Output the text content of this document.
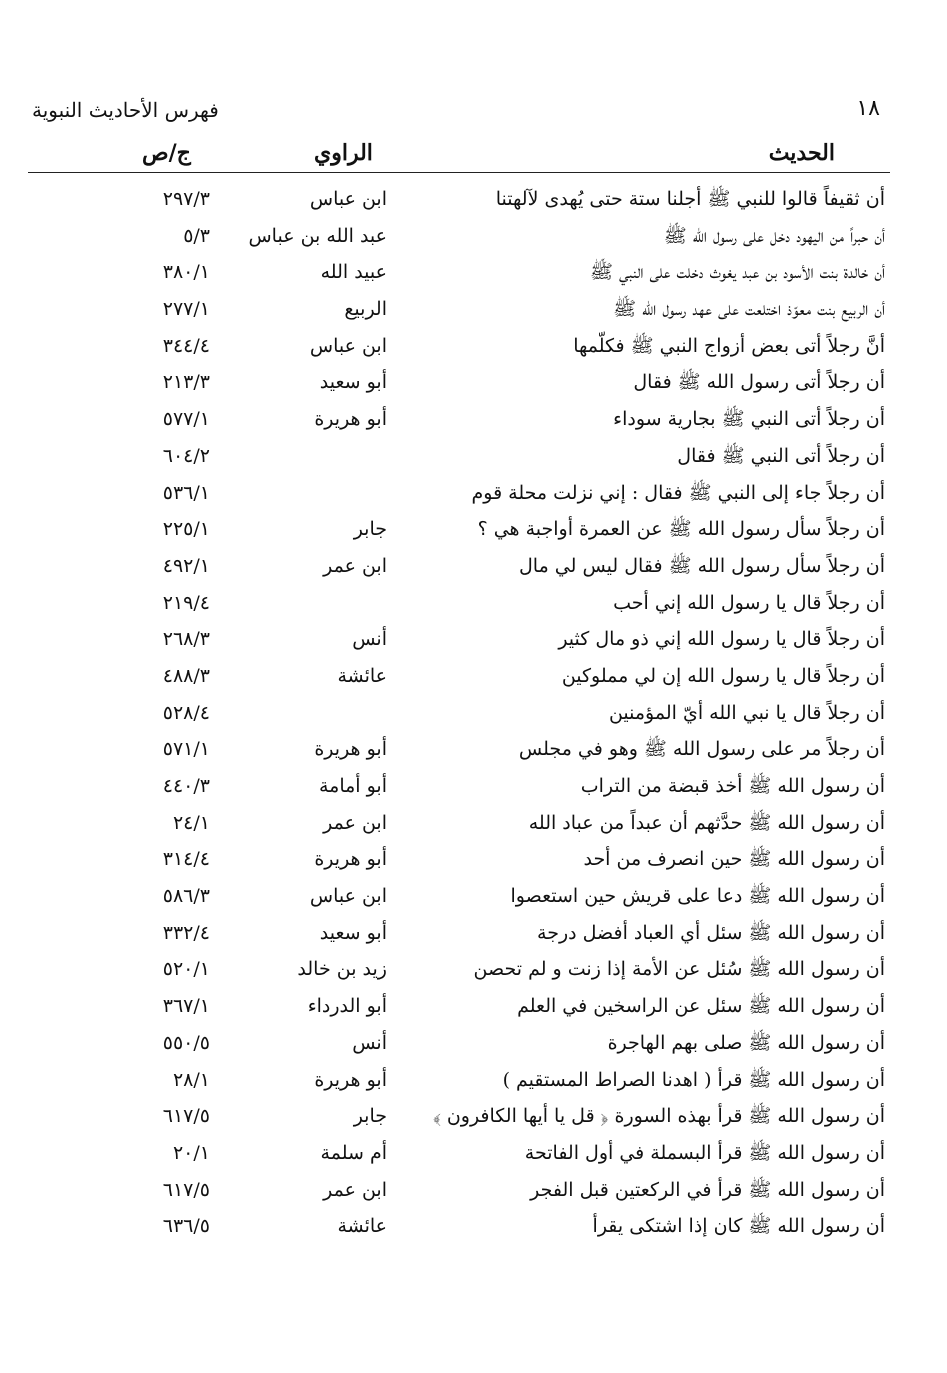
١٨
فهرس الأحاديث النبوية
الحديث
الراوي
ج/ص
أن ثقيفاً قالوا للنبي ﷺ أجلنا ستة حتى يُهدى لآلهتنا
ابن عباس
٢٩٧/٣
أن حبراً من اليهود دخل على رسول الله ﷺ
عبد الله بن عباس
٥/٣
أن خالدة بنت الأسود بن عبد يغوث دخلت على النبي ﷺ
عبيد الله
٣٨٠/١
أن الربيع بنت معوّذ اختلعت على عهد رسول الله ﷺ
الربيع
٢٧٧/١
أنَّ رجلاً أتى بعض أزواج النبي ﷺ فكلّمها
ابن عباس
٣٤٤/٤
أن رجلاً أتى رسول الله ﷺ فقال
أبو سعيد
٢١٣/٣
أن رجلاً أتى النبي ﷺ بجارية سوداء
أبو هريرة
٥٧٧/١
أن رجلاً أتى النبي ﷺ فقال
٦٠٤/٢
أن رجلاً جاء إلى النبي ﷺ فقال : إني نزلت محلة قوم
٥٣٦/١
أن رجلاً سأل رسول الله ﷺ عن العمرة أواجبة هي ؟
جابر
٢٢٥/١
أن رجلاً سأل رسول الله ﷺ فقال ليس لي مال
ابن عمر
٤٩٢/١
أن رجلاً قال يا رسول الله إني أحب
٢١٩/٤
أن رجلاً قال يا رسول الله إني ذو مال كثير
أنس
٢٦٨/٣
أن رجلاً قال يا رسول الله إن لي مملوكين
عائشة
٤٨٨/٣
أن رجلاً قال يا نبي الله أيّ المؤمنين
٥٢٨/٤
أن رجلاً مر على رسول الله ﷺ وهو في مجلس
أبو هريرة
٥٧١/١
أن رسول الله ﷺ أخذ قبضة من التراب
أبو أمامة
٤٤٠/٣
أن رسول الله ﷺ حدَّثهم أن عبداً من عباد الله
ابن عمر
٢٤/١
أن رسول الله ﷺ حين انصرف من أحد
أبو هريرة
٣١٤/٤
أن رسول الله ﷺ دعا على قريش حين استعصوا
ابن عباس
٥٨٦/٣
أن رسول الله ﷺ سئل أي العباد أفضل درجة
أبو سعيد
٣٣٢/٤
أن رسول الله ﷺ سُئل عن الأمة إذا زنت و لم تحصن
زيد بن خالد
٥٢٠/١
أن رسول الله ﷺ سئل عن الراسخين في العلم
أبو الدرداء
٣٦٧/١
أن رسول الله ﷺ صلى بهم الهاجرة
أنس
٥٥٠/٥
أن رسول الله ﷺ قرأ ( اهدنا الصراط المستقيم )
أبو هريرة
٢٨/١
أن رسول الله ﷺ قرأ بهذه السورة ﴿ قل يا أيها الكافرون ﴾
جابر
٦١٧/٥
أن رسول الله ﷺ قرأ البسملة في أول الفاتحة
أم سلمة
٢٠/١
أن رسول الله ﷺ قرأ في الركعتين قبل الفجر
ابن عمر
٦١٧/٥
أن رسول الله ﷺ كان إذا اشتكى يقرأ
عائشة
٦٣٦/٥
